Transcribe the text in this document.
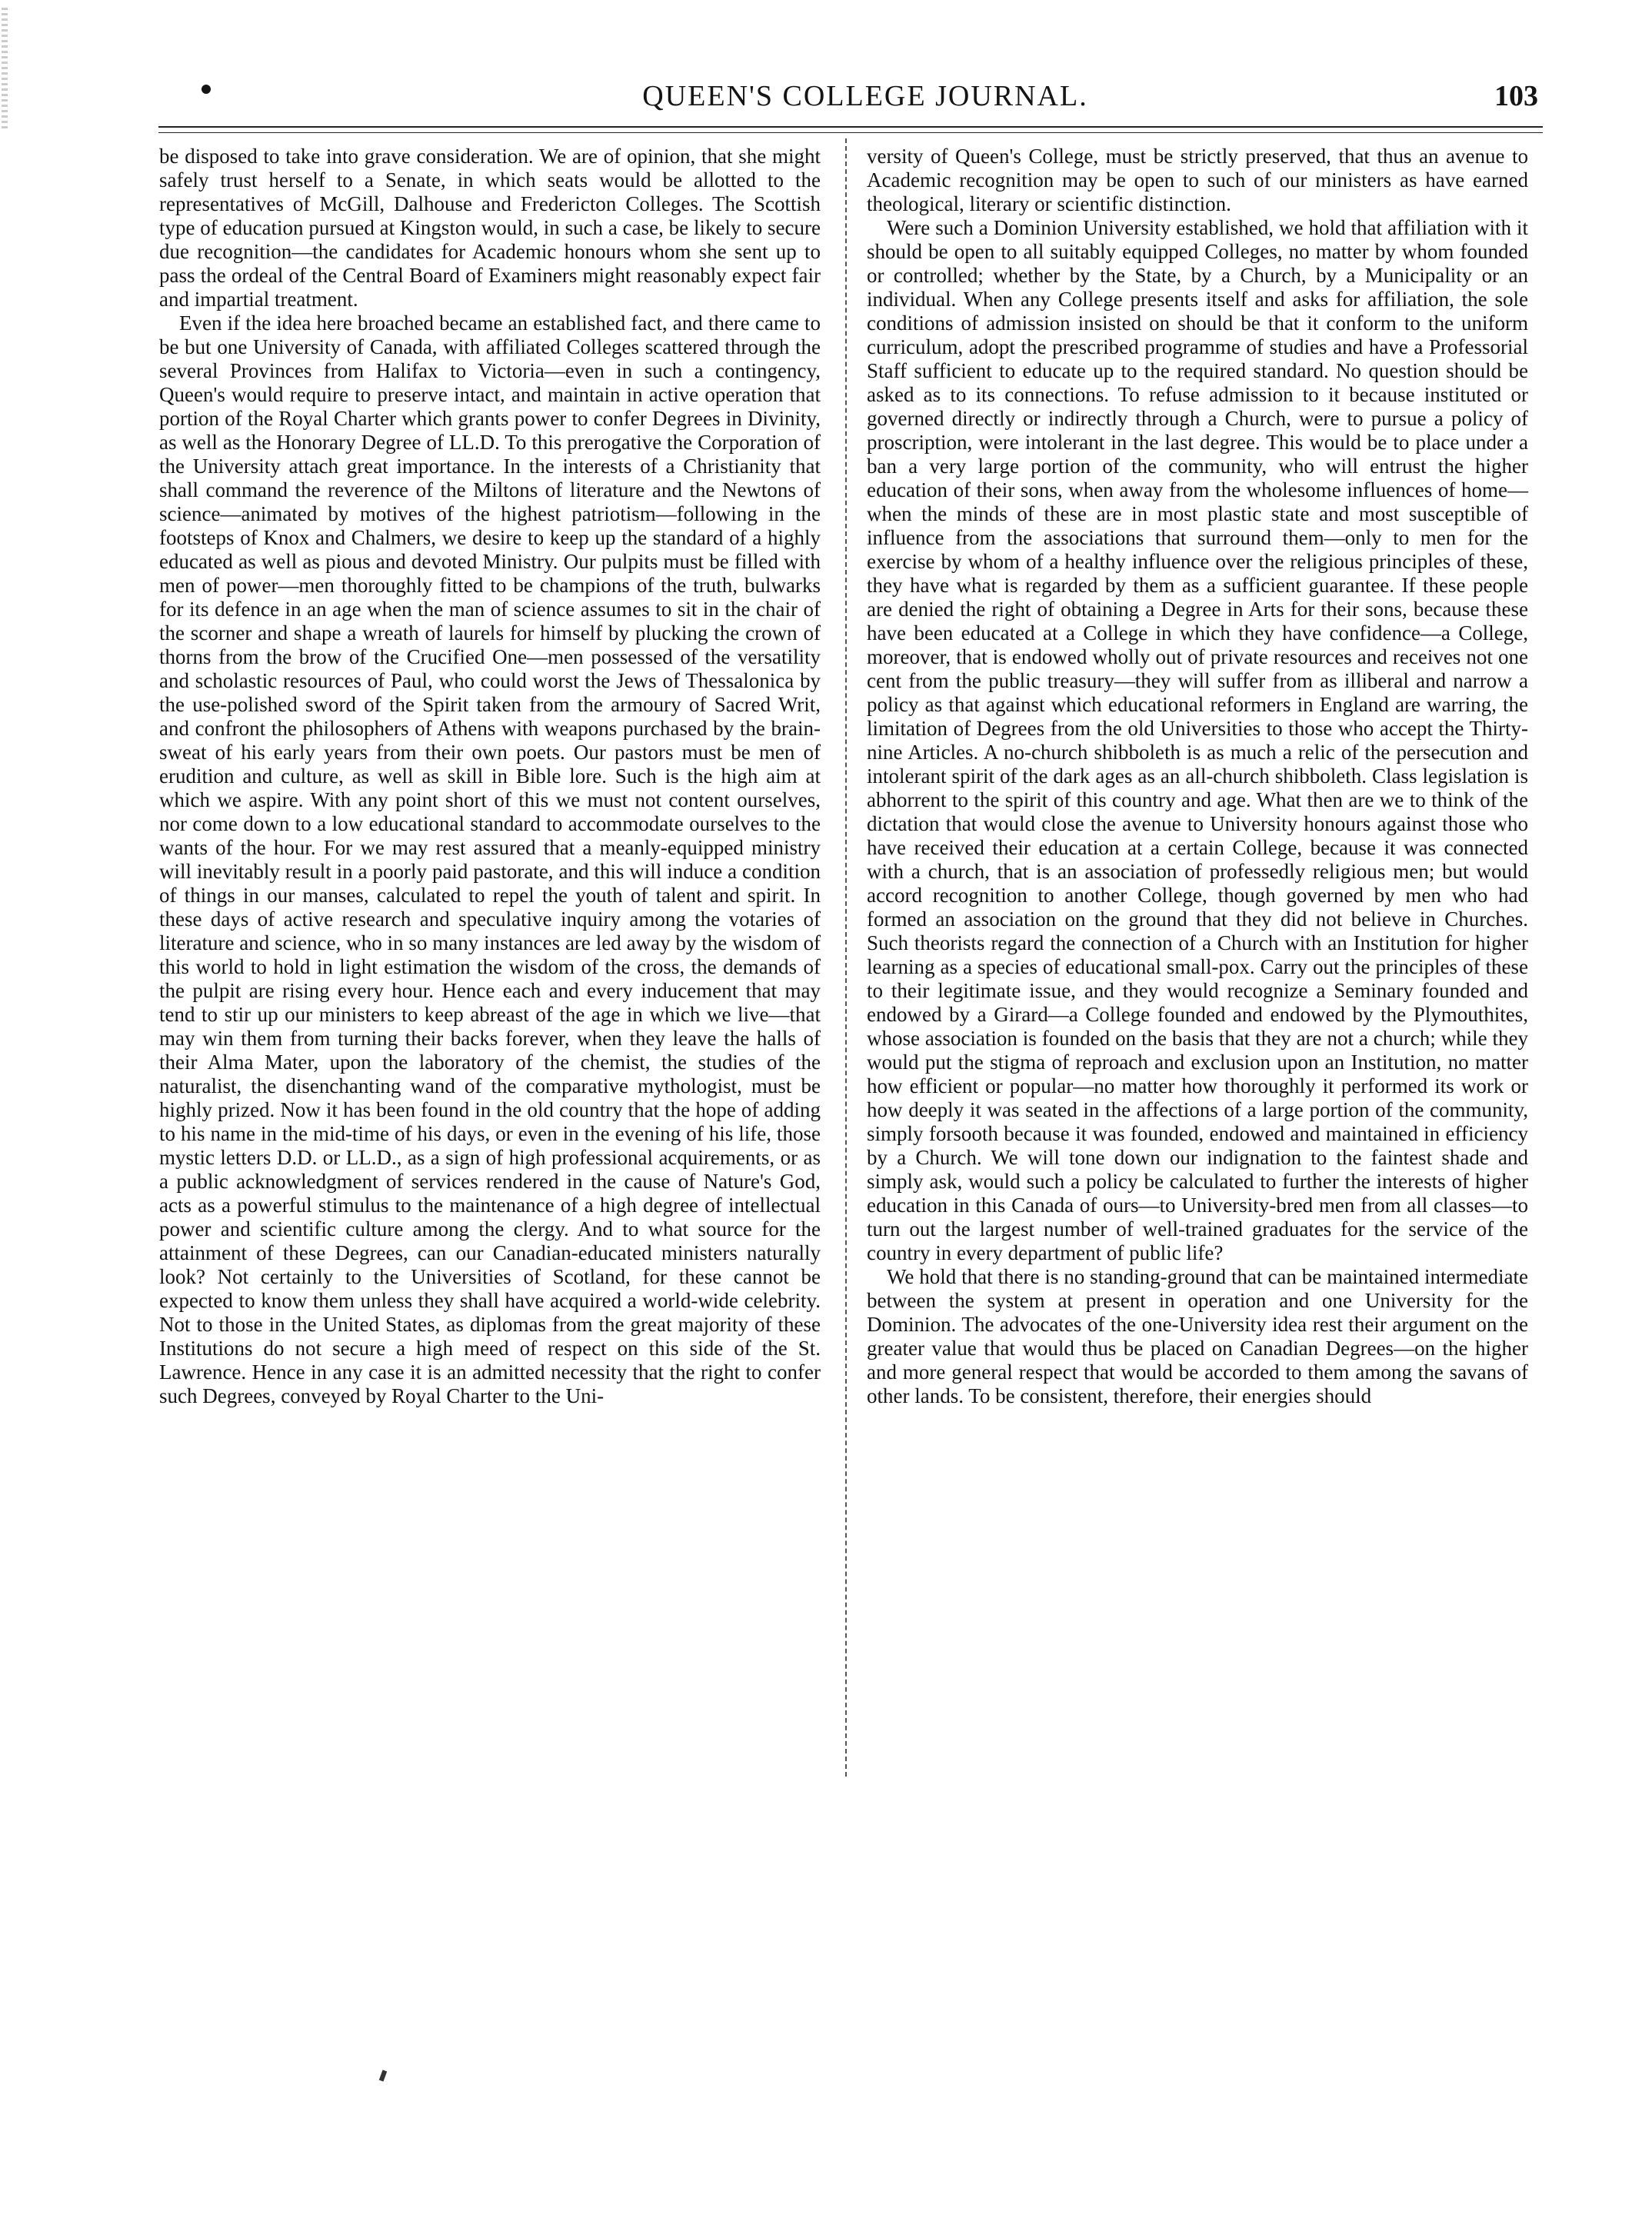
QUEEN'S COLLEGE JOURNAL.	103

be disposed to take into grave consideration. We are of opinion, that she might safely trust herself to a Senate, in which seats would be allotted to the representatives of McGill, Dalhouse and Fredericton Colleges. The Scottish type of education pursued at Kingston would, in such a case, be likely to secure due recognition—the candidates for Academic honours whom she sent up to pass the ordeal of the Central Board of Examiners might reasonably expect fair and impartial treatment.

Even if the idea here broached became an established fact, and there came to be but one University of Canada, with affiliated Colleges scattered through the several Provinces from Halifax to Victoria—even in such a contingency, Queen's would require to preserve intact, and maintain in active operation that portion of the Royal Charter which grants power to confer Degrees in Divinity, as well as the Honorary Degree of LL.D. To this prerogative the Corporation of the University attach great importance. In the interests of a Christianity that shall command the reverence of the Miltons of literature and the Newtons of science—animated by motives of the highest patriotism—following in the footsteps of Knox and Chalmers, we desire to keep up the standard of a highly educated as well as pious and devoted Ministry. Our pulpits must be filled with men of power—men thoroughly fitted to be champions of the truth, bulwarks for its defence in an age when the man of science assumes to sit in the chair of the scorner and shape a wreath of laurels for himself by plucking the crown of thorns from the brow of the Crucified One—men possessed of the versatility and scholastic resources of Paul, who could worst the Jews of Thessalonica by the use-polished sword of the Spirit taken from the armoury of Sacred Writ, and confront the philosophers of Athens with weapons purchased by the brain-sweat of his early years from their own poets. Our pastors must be men of erudition and culture, as well as skill in Bible lore. Such is the high aim at which we aspire. With any point short of this we must not content ourselves, nor come down to a low educational standard to accommodate ourselves to the wants of the hour. For we may rest assured that a meanly-equipped ministry will inevitably result in a poorly paid pastorate, and this will induce a condition of things in our manses, calculated to repel the youth of talent and spirit. In these days of active research and speculative inquiry among the votaries of literature and science, who in so many instances are led away by the wisdom of this world to hold in light estimation the wisdom of the cross, the demands of the pulpit are rising every hour. Hence each and every inducement that may tend to stir up our ministers to keep abreast of the age in which we live—that may win them from turning their backs forever, when they leave the halls of their Alma Mater, upon the laboratory of the chemist, the studies of the naturalist, the disenchanting wand of the comparative mythologist, must be highly prized. Now it has been found in the old country that the hope of adding to his name in the mid-time of his days, or even in the evening of his life, those mystic letters D.D. or LL.D., as a sign of high professional acquirements, or as a public acknowledgment of services rendered in the cause of Nature's God, acts as a powerful stimulus to the maintenance of a high degree of intellectual power and scientific culture among the clergy. And to what source for the attainment of these Degrees, can our Canadian-educated ministers naturally look? Not certainly to the Universities of Scotland, for these cannot be expected to know them unless they shall have acquired a world-wide celebrity. Not to those in the United States, as diplomas from the great majority of these Institutions do not secure a high meed of respect on this side of the St. Lawrence. Hence in any case it is an admitted necessity that the right to confer such Degrees, conveyed by Royal Charter to the Uni-

versity of Queen's College, must be strictly preserved, that thus an avenue to Academic recognition may be open to such of our ministers as have earned theological, literary or scientific distinction.

Were such a Dominion University established, we hold that affiliation with it should be open to all suitably equipped Colleges, no matter by whom founded or controlled; whether by the State, by a Church, by a Municipality or an individual. When any College presents itself and asks for affiliation, the sole conditions of admission insisted on should be that it conform to the uniform curriculum, adopt the prescribed programme of studies and have a Professorial Staff sufficient to educate up to the required standard. No question should be asked as to its connections. To refuse admission to it because instituted or governed directly or indirectly through a Church, were to pursue a policy of proscription, were intolerant in the last degree. This would be to place under a ban a very large portion of the community, who will entrust the higher education of their sons, when away from the wholesome influences of home—when the minds of these are in most plastic state and most susceptible of influence from the associations that surround them—only to men for the exercise by whom of a healthy influence over the religious principles of these, they have what is regarded by them as a sufficient guarantee. If these people are denied the right of obtaining a Degree in Arts for their sons, because these have been educated at a College in which they have confidence—a College, moreover, that is endowed wholly out of private resources and receives not one cent from the public treasury—they will suffer from as illiberal and narrow a policy as that against which educational reformers in England are warring, the limitation of Degrees from the old Universities to those who accept the Thirty-nine Articles. A no-church shibboleth is as much a relic of the persecution and intolerant spirit of the dark ages as an all-church shibboleth. Class legislation is abhorrent to the spirit of this country and age. What then are we to think of the dictation that would close the avenue to University honours against those who have received their education at a certain College, because it was connected with a church, that is an association of professedly religious men; but would accord recognition to another College, though governed by men who had formed an association on the ground that they did not believe in Churches. Such theorists regard the connection of a Church with an Institution for higher learning as a species of educational small-pox. Carry out the principles of these to their legitimate issue, and they would recognize a Seminary founded and endowed by a Girard—a College founded and endowed by the Plymouthites, whose association is founded on the basis that they are not a church; while they would put the stigma of reproach and exclusion upon an Institution, no matter how efficient or popular—no matter how thoroughly it performed its work or how deeply it was seated in the affections of a large portion of the community, simply forsooth because it was founded, endowed and maintained in efficiency by a Church. We will tone down our indignation to the faintest shade and simply ask, would such a policy be calculated to further the interests of higher education in this Canada of ours—to University-bred men from all classes—to turn out the largest number of well-trained graduates for the service of the country in every department of public life?

We hold that there is no standing-ground that can be maintained intermediate between the system at present in operation and one University for the Dominion. The advocates of the one-University idea rest their argument on the greater value that would thus be placed on Canadian Degrees—on the higher and more general respect that would be accorded to them among the savans of other lands. To be consistent, therefore, their energies should
